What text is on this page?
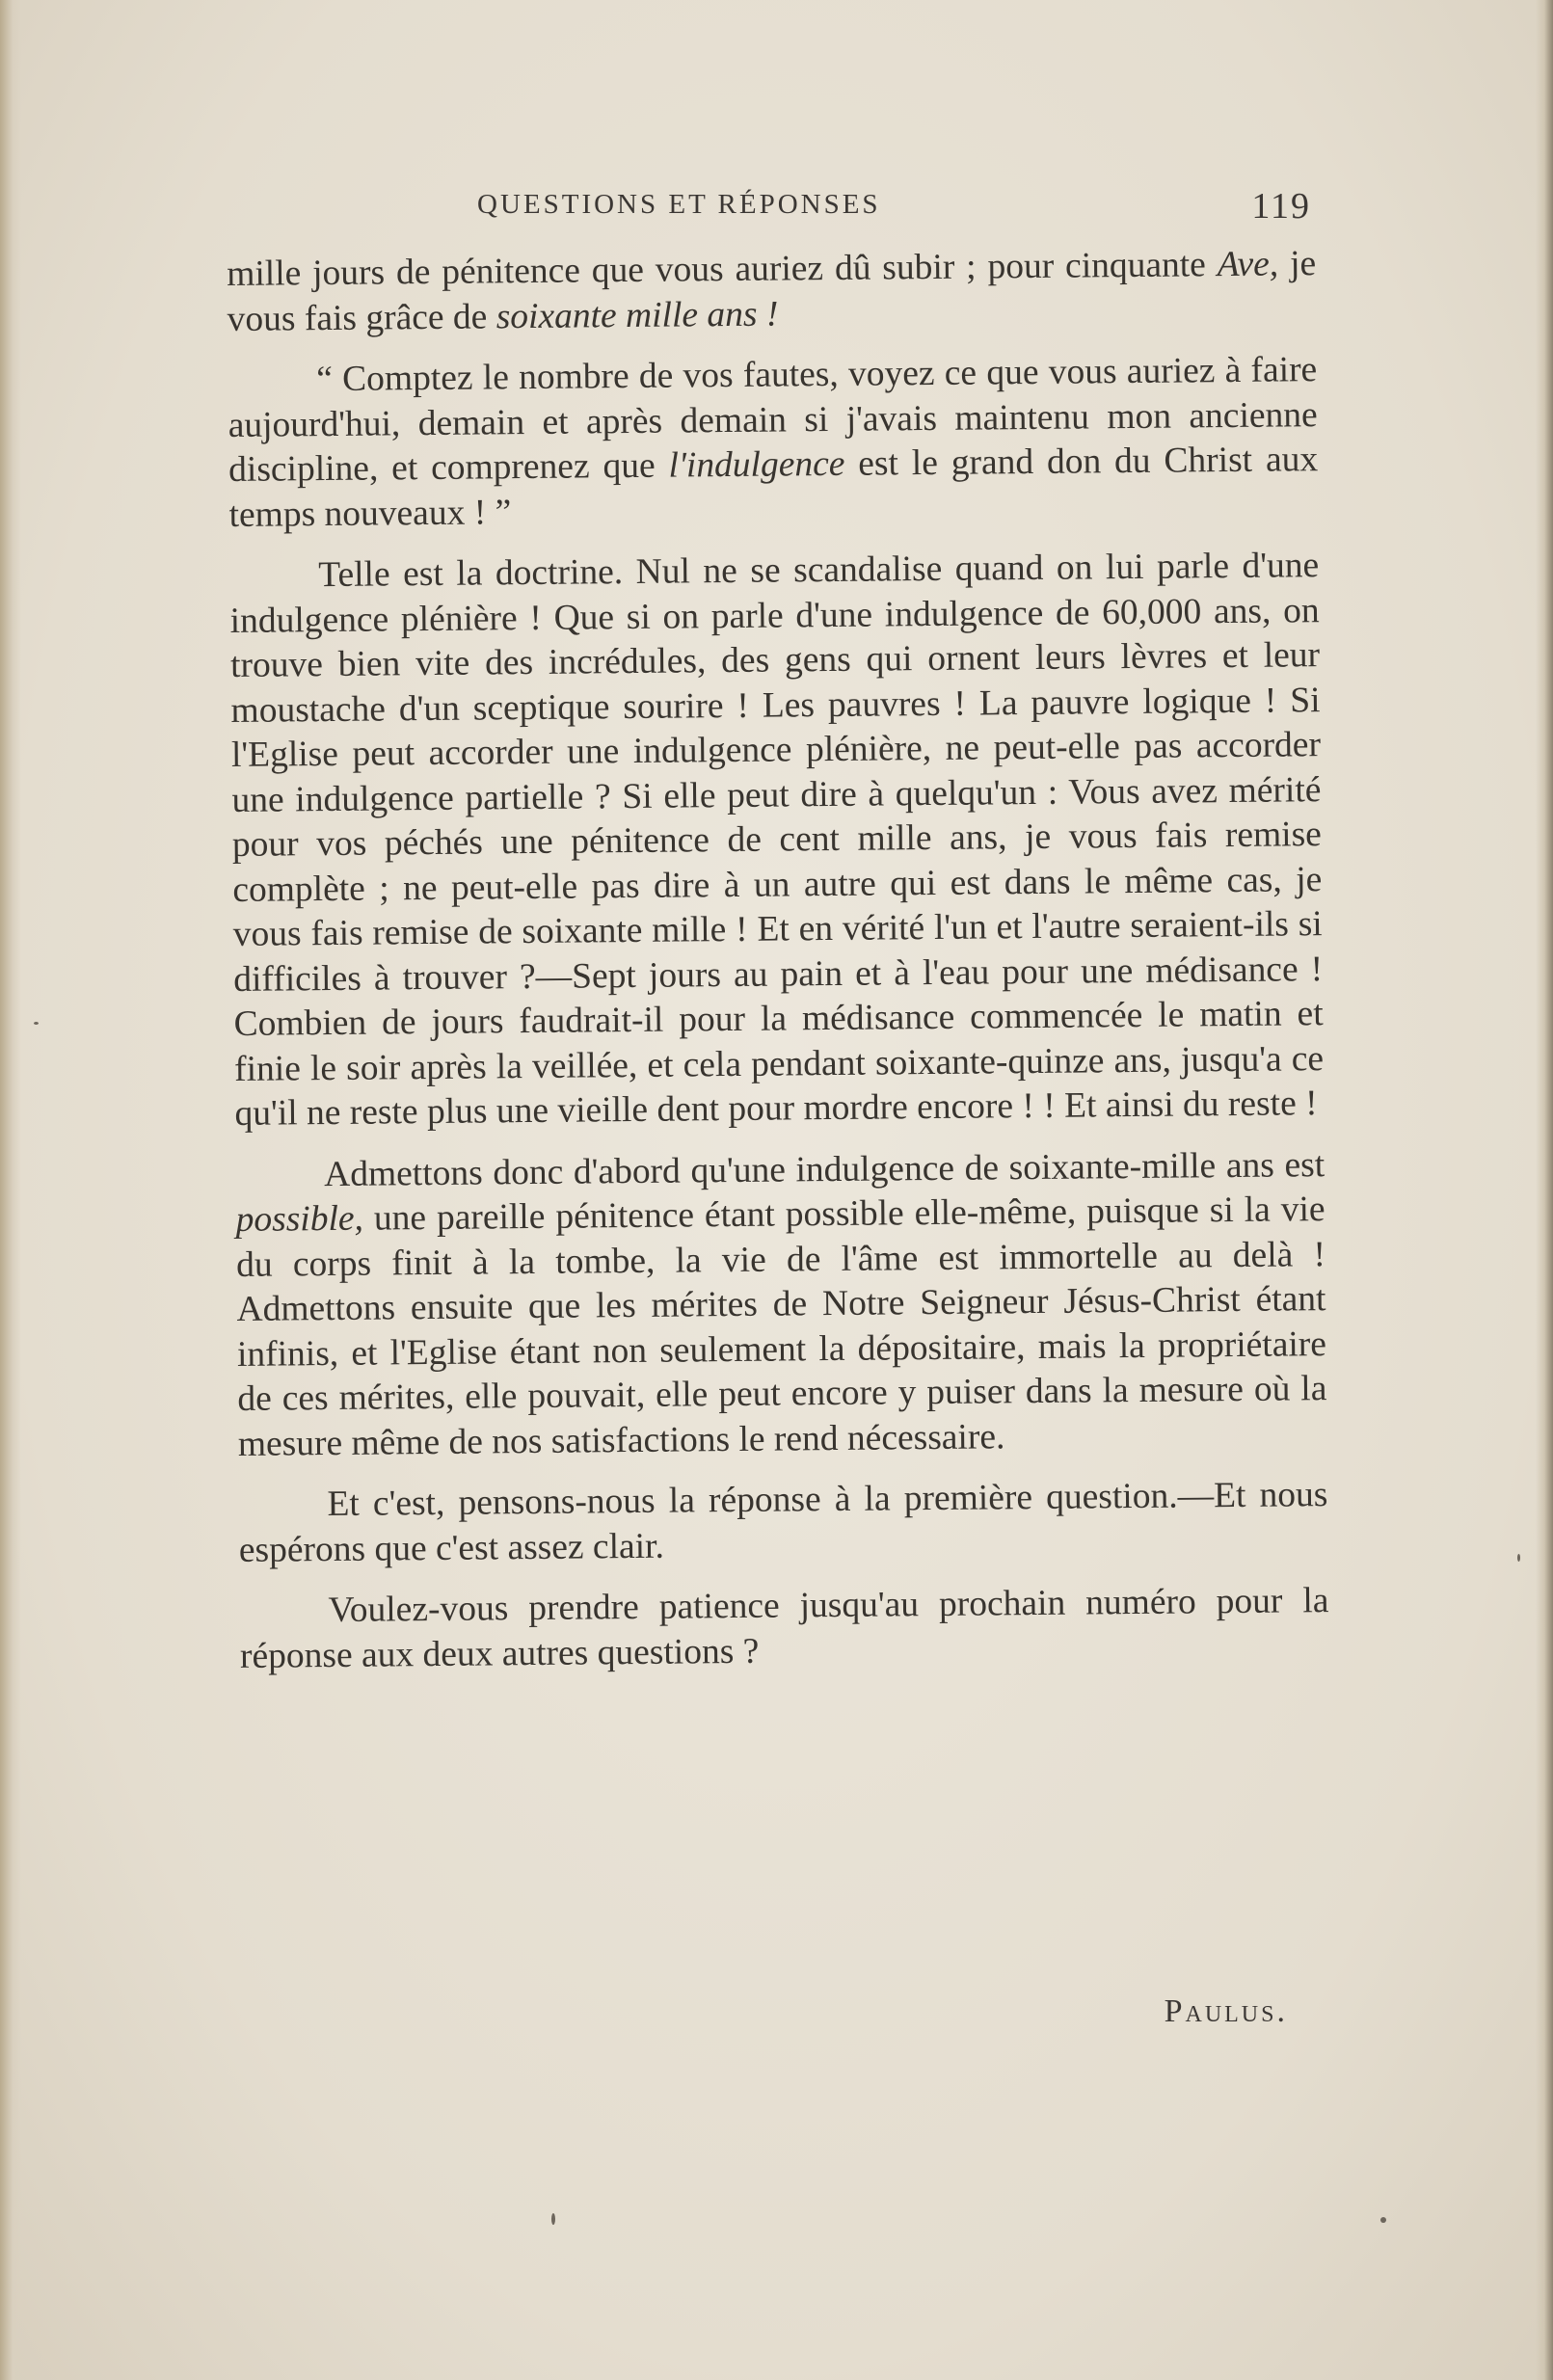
QUESTIONS ET RÉPONSES	119

mille jours de pénitence que vous auriez dû subir ; pour cinquante Ave, je vous fais grâce de soixante mille ans !

“ Comptez le nombre de vos fautes, voyez ce que vous auriez à faire aujourd'hui, demain et après demain si j'avais maintenu mon ancienne discipline, et comprenez que l'indulgence est le grand don du Christ aux temps nouveaux ! ”

Telle est la doctrine. Nul ne se scandalise quand on lui parle d'une indulgence plénière ! Que si on parle d'une indulgence de 60,000 ans, on trouve bien vite des incrédules, des gens qui ornent leurs lèvres et leur moustache d'un sceptique sourire ! Les pauvres ! La pauvre logique ! Si l'Eglise peut accorder une indulgence plénière, ne peut-elle pas accorder une indulgence partielle ? Si elle peut dire à quelqu'un : Vous avez mérité pour vos péchés une pénitence de cent mille ans, je vous fais remise complète ; ne peut-elle pas dire à un autre qui est dans le même cas, je vous fais remise de soixante mille ! Et en vérité l'un et l'autre seraient-ils si difficiles à trouver ?—Sept jours au pain et à l'eau pour une médisance ! Combien de jours faudrait-il pour la médisance commencée le matin et finie le soir après la veillée, et cela pendant soixante-quinze ans, jusqu'a ce qu'il ne reste plus une vieille dent pour mordre encore ! ! Et ainsi du reste !

Admettons donc d'abord qu'une indulgence de soixante-mille ans est possible, une pareille pénitence étant possible elle-même, puisque si la vie du corps finit à la tombe, la vie de l'âme est immortelle au delà ! Admettons ensuite que les mérites de Notre Seigneur Jésus-Christ étant infinis, et l'Eglise étant non seulement la dépositaire, mais la propriétaire de ces mérites, elle pouvait, elle peut encore y puiser dans la mesure où la mesure même de nos satisfactions le rend nécessaire.

Et c'est, pensons-nous la réponse à la première question.—Et nous espérons que c'est assez clair.

Voulez-vous prendre patience jusqu'au prochain numéro pour la réponse aux deux autres questions ?

Paulus.
